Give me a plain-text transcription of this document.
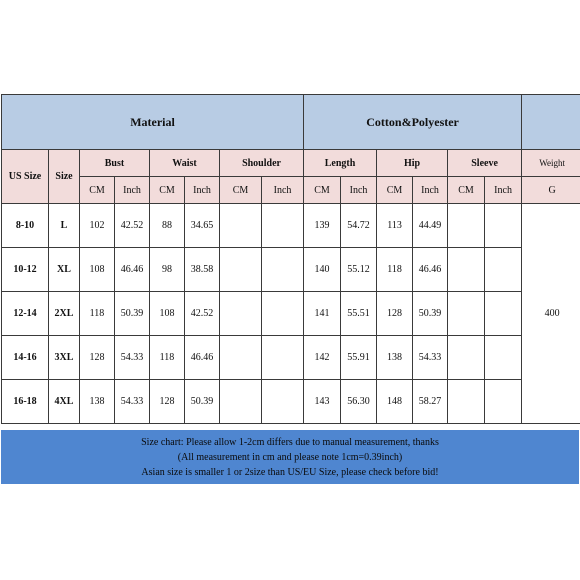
Material								Cotton&Polyester						
US Size	Size	Bust		Waist		Shoulder		Length		Hip		Sleeve		Weight
		CM	Inch	CM	Inch	CM	Inch	CM	Inch	CM	Inch	CM	Inch	G
8-10	L	102	42.52	88	34.65			139	54.72	113	44.49			400
10-12	XL	108	46.46	98	38.58			140	55.12	118	46.46			
12-14	2XL	118	50.39	108	42.52			141	55.51	128	50.39			
14-16	3XL	128	54.33	118	46.46			142	55.91	138	54.33			
16-18	4XL	138	54.33	128	50.39			143	56.30	148	58.27			
Size chart: Please allow 1-2cm differs due to manual measurement, thanks
(All measurement in cm and please note 1cm=0.39inch)
Asian size is smaller 1 or 2size than US/EU Size, please check before bid!
